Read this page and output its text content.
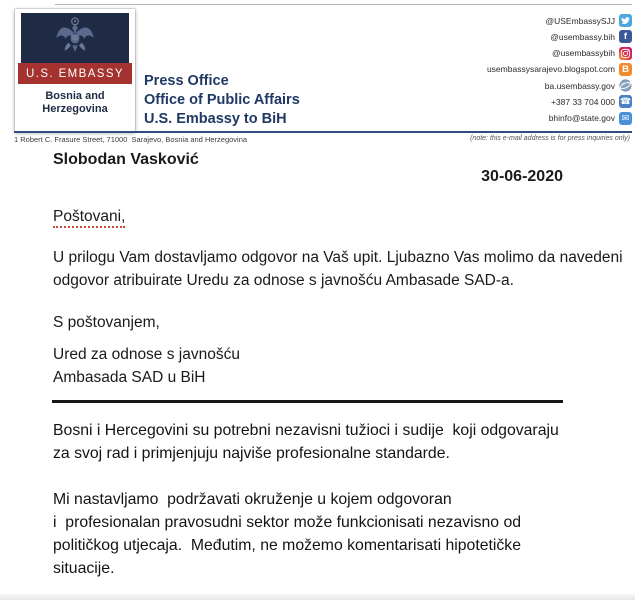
U.S. EMBASSY
Bosnia and
Herzegovina
Press Office
Office of Public Affairs
U.S. Embassy to BiH
@USEmbassySJJ
@usembassy.bih f
@usembassybih
usembassysarajevo.blogspot.com B
ba.usembassy.gov
+387 33 704 000 ☎
bhinfo@state.gov ✉
1 Robert C. Frasure Street, 71000  Sarajevo, Bosnia and Herzegovina	(note: this e-mail address is for press inquiries only)
Slobodan Vasković
30-06-2020
Poštovani,
U prilogu Vam dostavljamo odgovor na Vaš upit. Ljubazno Vas molimo da navedeni
odgovor atribuirate Uredu za odnose s javnošću Ambasade SAD-a.
S poštovanjem,
Ured za odnose s javnošću
Ambasada SAD u BiH
Bosni i Hercegovini su potrebni nezavisni tužioci i sudije  koji odgovaraju
za svoj rad i primjenjuju najviše profesionalne standarde.
Mi nastavljamo  podržavati okruženje u kojem odgovoran
i  profesionalan pravosudni sektor može funkcionisati nezavisno od
političkog utjecaja.  Međutim, ne možemo komentarisati hipotetičke
situacije.
